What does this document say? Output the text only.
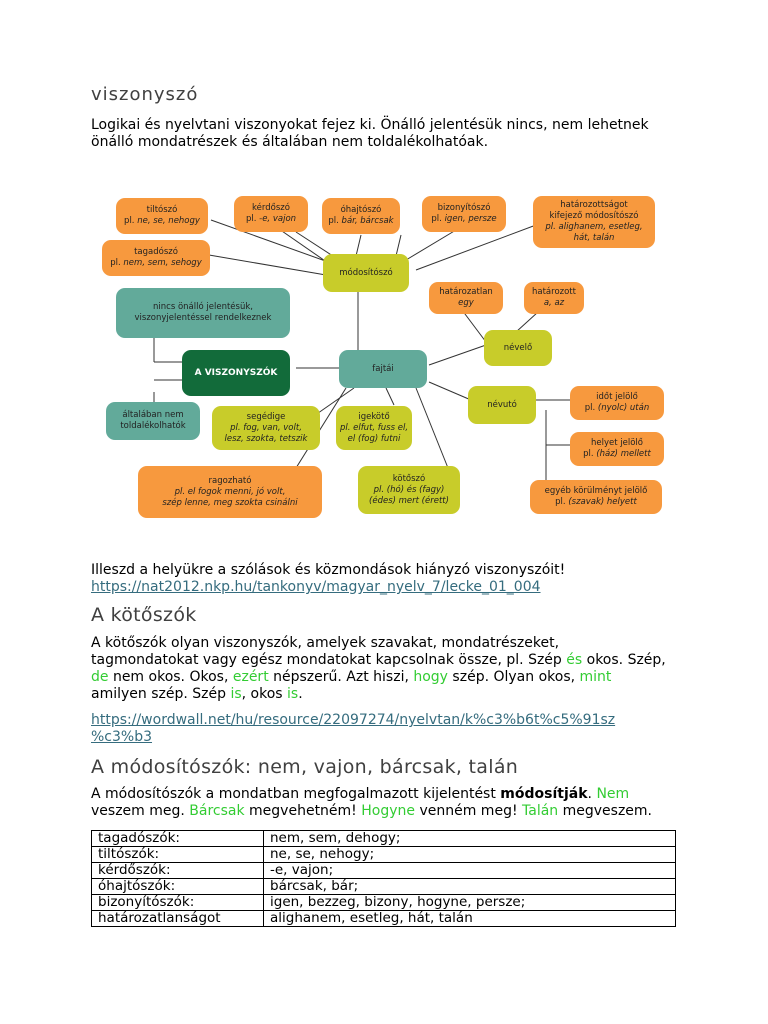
viszonyszó

Logikai és nyelvtani viszonyokat fejez ki. Önálló jelentésük nincs, nem lehetnek
önálló mondatrészek és általában nem toldalékolhatóak.

tiltószó
pl. ne, se, nehogy
kérdőszó
pl. -e, vajon
óhajtószó
pl. bár, bárcsak
bizonyítószó
pl. igen, persze
határozottságot
kifejező módosítószó
pl. alighanem, esetleg,
hát, talán
tagadószó
pl. nem, sem, sehogy
módosítószó
határozatlan
egy
határozott
a, az
nincs önálló jelentésük,
viszonyjelentéssel rendelkeznek
névelő
A VISZONYSZÓK	fajtái
általában nem
toldalékolhatók
névutó
időt jelölő
pl. (nyolc) után
segédige
pl. fog, van, volt,
lesz, szokta, tetszik
igekötő
pl. elfut, fuss el,
el (fog) futni	helyet jelölő
pl. (ház) mellett
ragozható
pl. el fogok menni, jó volt,
szép lenne, meg szokta csinálni
kötőszó
pl. (hó) és (fagy)
(édes) mert (érett)
egyéb körülményt jelölő
pl. (szavak) helyett

Illeszd a helyükre a szólások és közmondások hiányzó viszonyszóit!
https://nat2012.nkp.hu/tankonyv/magyar_nyelv_7/lecke_01_004

A kötőszók

A kötőszók olyan viszonyszók, amelyek szavakat, mondatrészeket,
tagmondatokat vagy egész mondatokat kapcsolnak össze, pl. Szép és okos. Szép,
de nem okos. Okos, ezért népszerű. Azt hiszi, hogy szép. Olyan okos, mint
amilyen szép. Szép is, okos is.

https://wordwall.net/hu/resource/22097274/nyelvtan/k%c3%b6t%c5%91sz
%c3%b3

A módosítószók: nem, vajon, bárcsak, talán

A módosítószók a mondatban megfogalmazott kijelentést módosítják. Nem
veszem meg. Bárcsak megvehetném! Hogyne venném meg! Talán megveszem.

tagadószók:	nem, sem, dehogy;
tiltószók:	ne, se, nehogy;
kérdőszók:	-e, vajon;
óhajtószók:	bárcsak, bár;
bizonyítószók:	igen, bezzeg, bizony, hogyne, persze;
határozatlanságot	alighanem, esetleg, hát, talán
